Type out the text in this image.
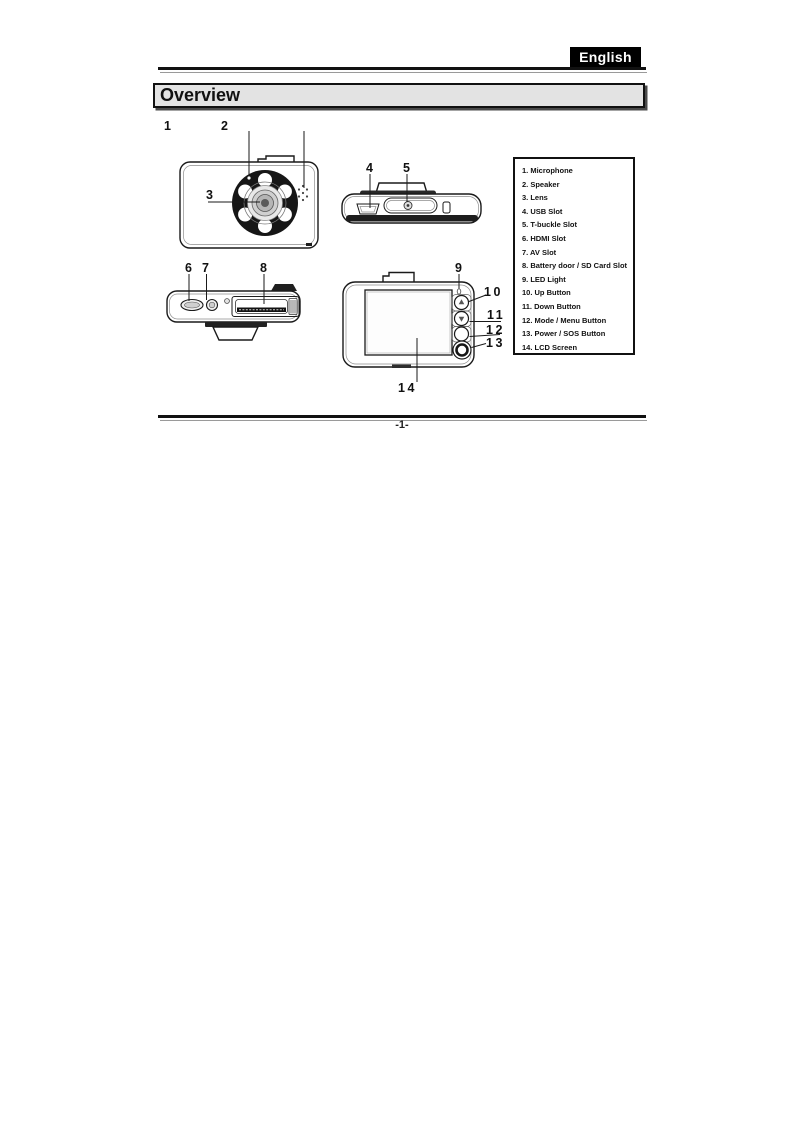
English
Overview
1	2
3
4 5
6 7	8	9
10
11
12
13
14
1. Microphone
2. Speaker
3. Lens
4. USB Slot
5. T-buckle Slot
6. HDMI Slot
7. AV Slot
8. Battery door / SD Card Slot
9. LED Light
10. Up Button
11. Down Button
12. Mode / Menu Button
13. Power / SOS Button
14. LCD Screen
-1-
